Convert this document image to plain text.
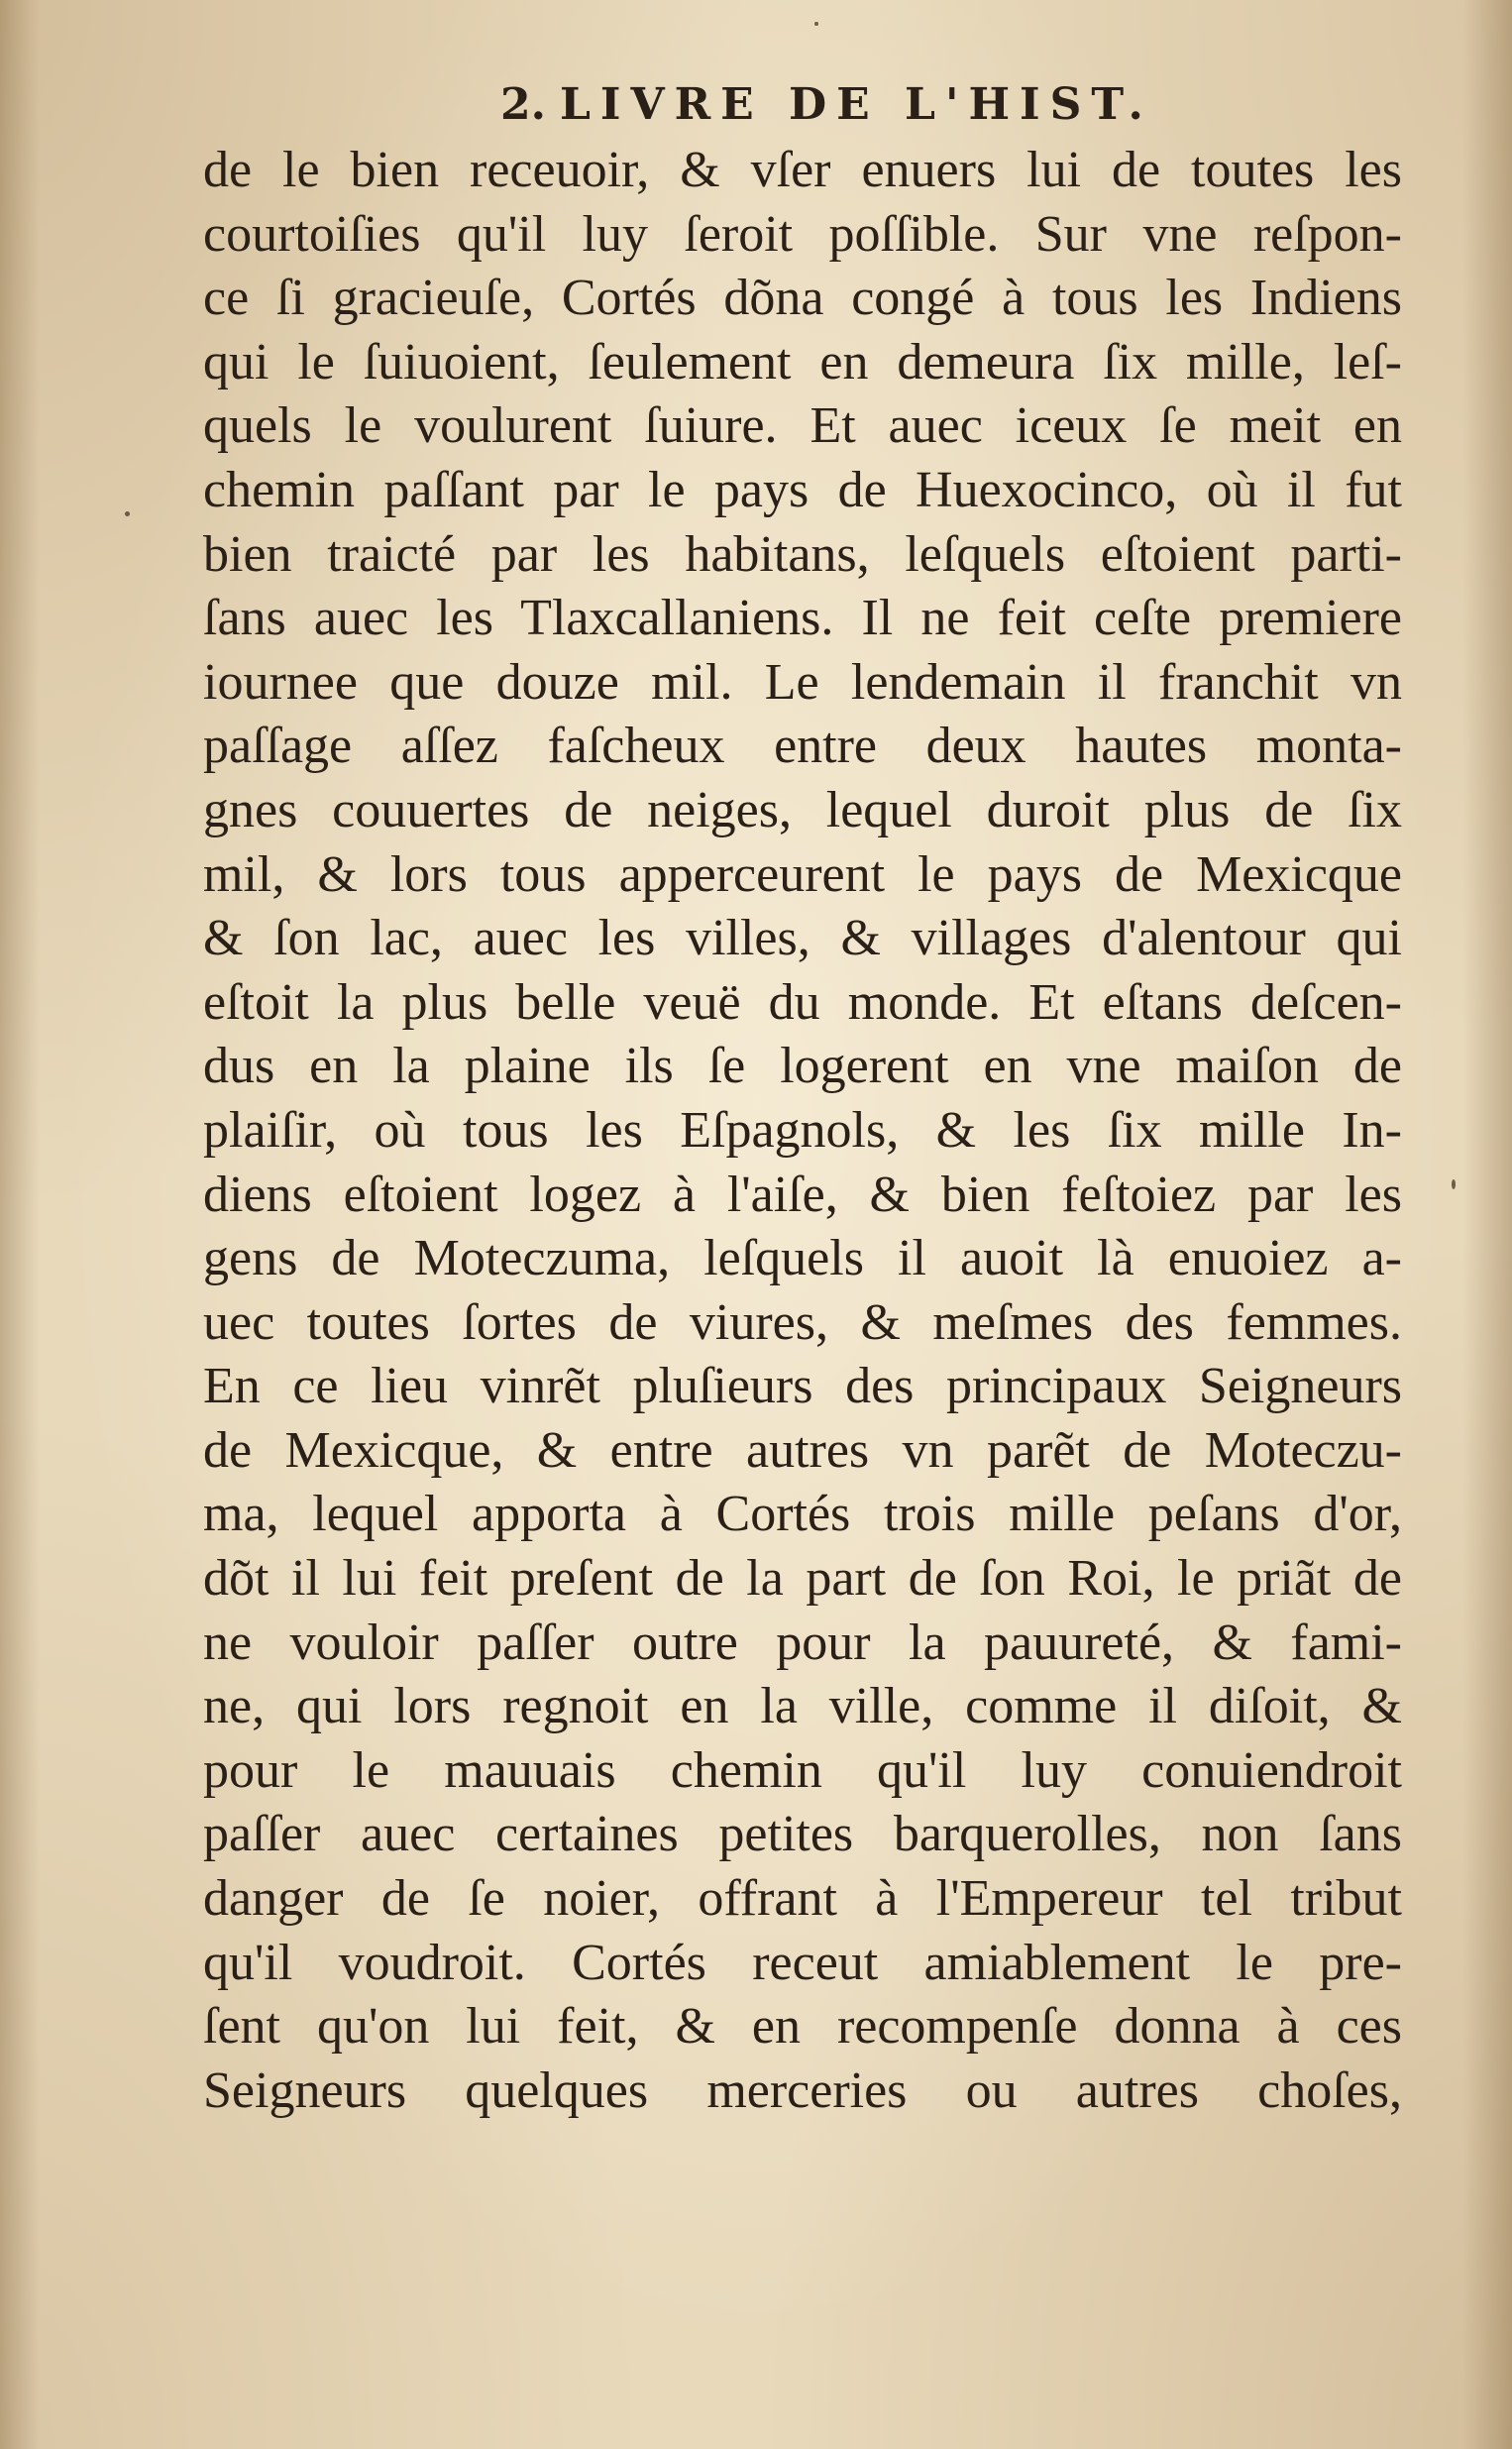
2. LIVRE DE L'HIST.
de le bien receuoir, & vſer enuers lui de toutes les
courtoiſies qu'il luy ſeroit poſſible. Sur vne reſpon-
ce ſi gracieuſe, Cortés dõna congé à tous les Indiens
qui le ſuiuoient, ſeulement en demeura ſix mille, leſ-
quels le voulurent ſuiure. Et auec iceux ſe meit en
chemin paſſant par le pays de Huexocinco, où il fut
bien traicté par les habitans, leſquels eſtoient parti-
ſans auec les Tlaxcallaniens. Il ne feit ceſte premiere
iournee que douze mil. Le lendemain il franchit vn
paſſage aſſez faſcheux entre deux hautes monta-
gnes couuertes de neiges, lequel duroit plus de ſix
mil, & lors tous apperceurent le pays de Mexicque
& ſon lac, auec les villes, & villages d'alentour qui
eſtoit la plus belle veuë du monde. Et eſtans deſcen-
dus en la plaine ils ſe logerent en vne maiſon de
plaiſir, où tous les Eſpagnols, & les ſix mille In-
diens eſtoient logez à l'aiſe, & bien feſtoiez par les
gens de Moteczuma, leſquels il auoit là enuoiez a-
uec toutes ſortes de viures, & meſmes des femmes.
En ce lieu vinrẽt pluſieurs des principaux Seigneurs
de Mexicque, & entre autres vn parẽt de Moteczu-
ma, lequel apporta à Cortés trois mille peſans d'or,
dõt il lui feit preſent de la part de ſon Roi, le priãt de
ne vouloir paſſer outre pour la pauureté, & fami-
ne, qui lors regnoit en la ville, comme il diſoit, &
pour le mauuais chemin qu'il luy conuiendroit
paſſer auec certaines petites barquerolles, non ſans
danger de ſe noier, offrant à l'Empereur tel tribut
qu'il voudroit. Cortés receut amiablement le pre-
ſent qu'on lui feit, & en recompenſe donna à ces
Seigneurs quelques merceries ou autres choſes,
